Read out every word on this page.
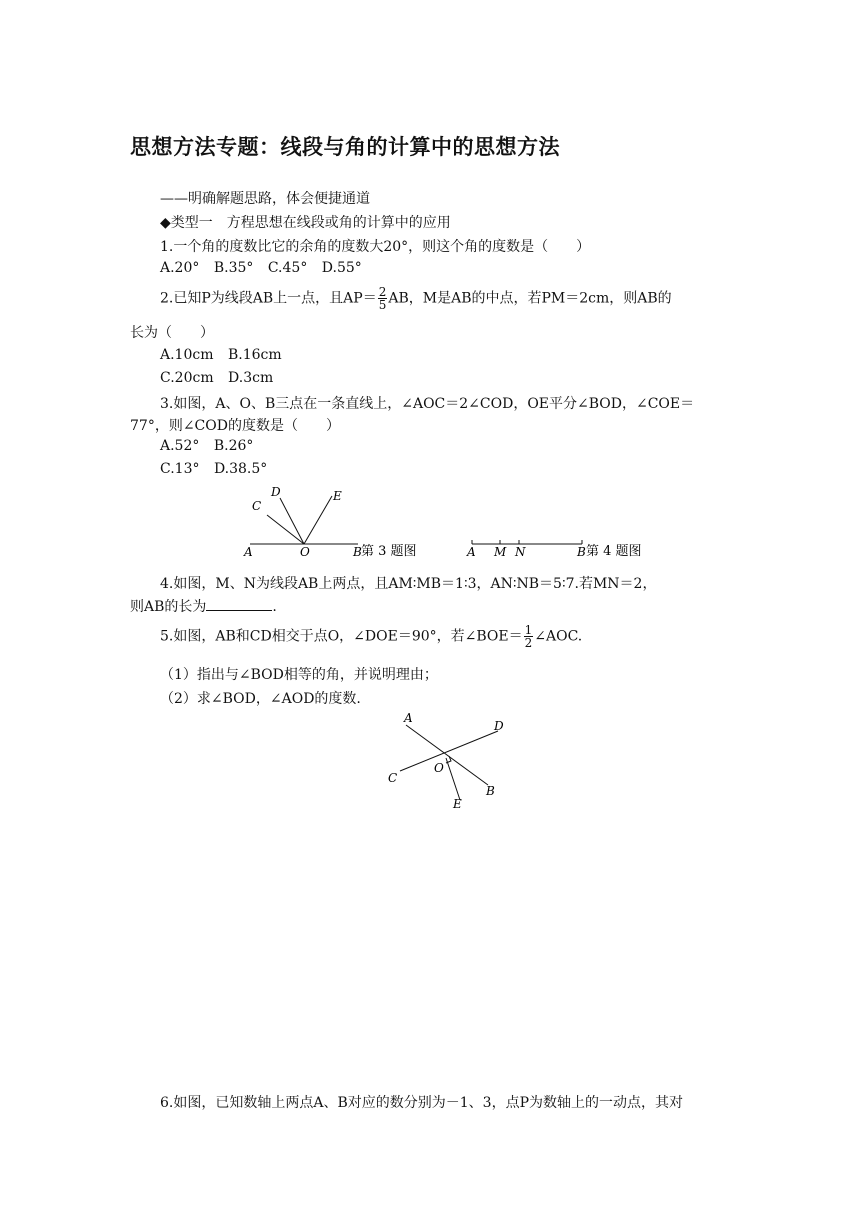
思想方法专题：线段与角的计算中的思想方法
——明确解题思路，体会便捷通道
◆类型一　方程思想在线段或角的计算中的应用
1.一个角的度数比它的余角的度数大20°，则这个角的度数是（　　）
A.20° B.35° C.45° D.55°
2.已知P为线段AB上一点，且$AP= \frac{2}{5}$ AB，M是AB的中点，若PM＝2cm，则AB的
长为（　　）
A.10cm B.16cm
C.20cm D.3cm
3.如图，A、O、B三点在一条直线上，∠AOC＝2∠COD，OE平分∠BOD，∠COE＝
77°，则∠COD的度数是（　　）
A.52° B.26°
C.13° D.38.5°
A	O	B
C
D	E
第 3 题图	A M N	B 第 4 题图
4.如图，M、N为线段AB上两点，且AM∶MB＝1∶3，AN∶NB＝5∶7.若MN＝2，
则AB的长为	.
5.如图，AB和CD相交于点O，∠DOE＝90°，若∠BOE＝ $\frac{1}{2}$ ∠AOC.
（1）指出与∠BOD相等的角，并说明理由；
（2）求∠BOD，∠AOD的度数.
A
D
C
O
E
B
6.如图，已知数轴上两点A、B对应的数分别为－1、3，点P为数轴上的一动点，其对
